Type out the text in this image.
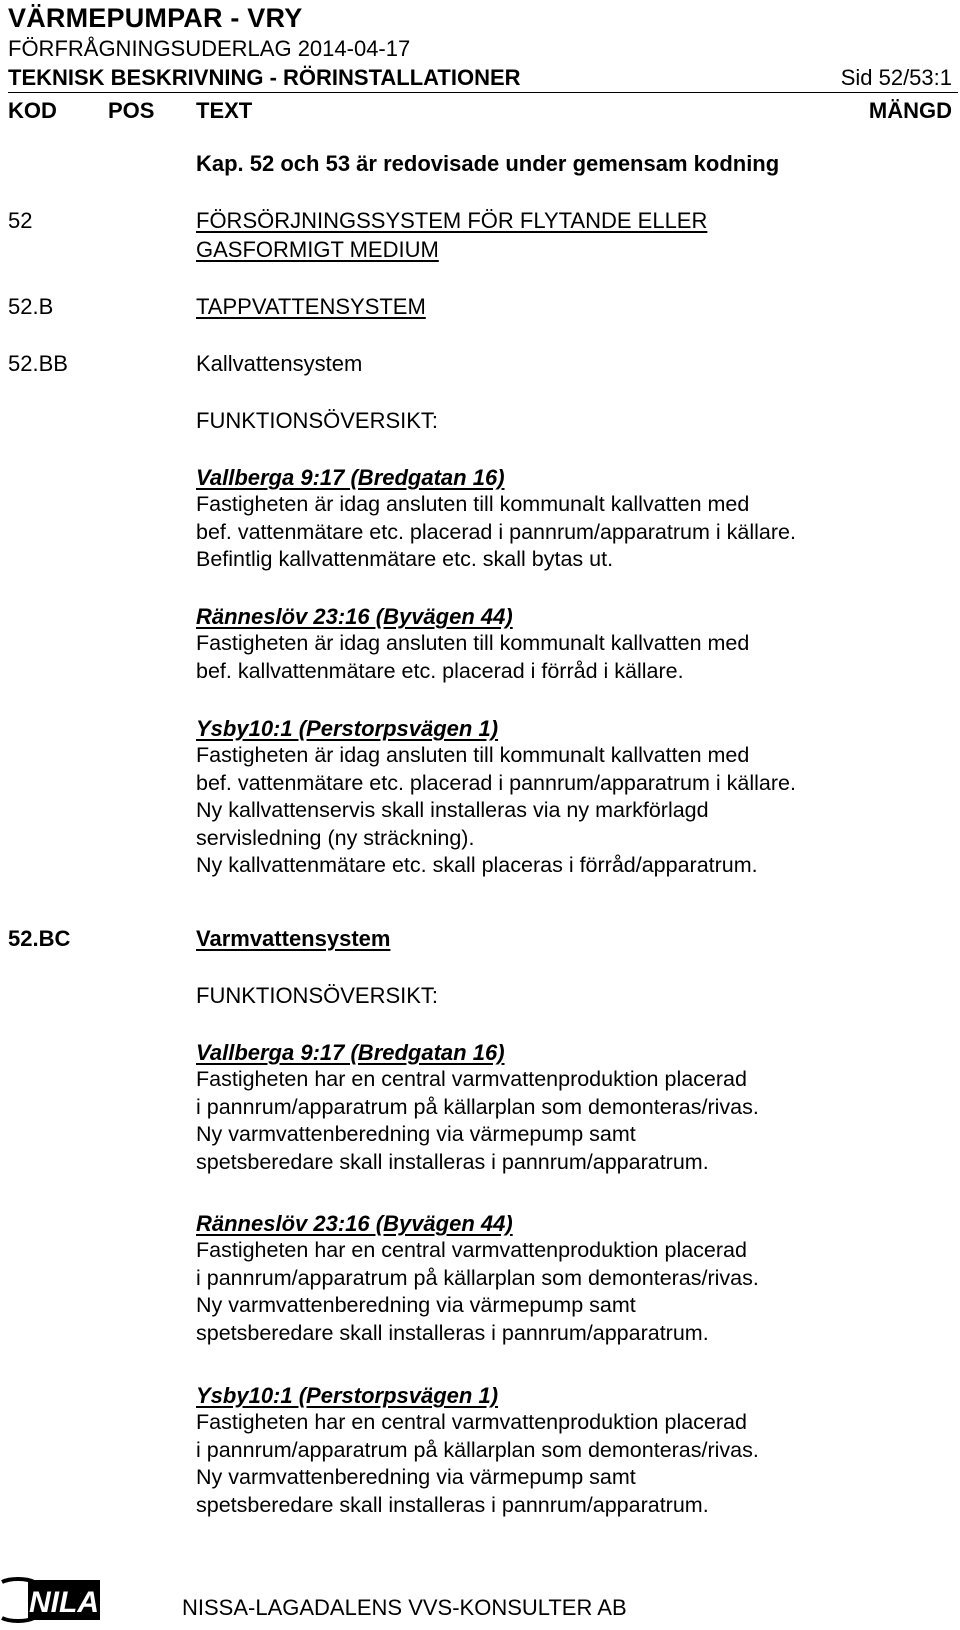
VÄRMEPUMPAR - VRY
FÖRFRÅGNINGSUDERLAG 2014-04-17
TEKNISK BESKRIVNING - RÖRINSTALLATIONER	Sid 52/53:1
KOD POS TEXT	MÄNGD
Kap. 52 och 53 är redovisade under gemensam kodning
52	FÖRSÖRJNINGSSYSTEM FÖR FLYTANDE ELLER
GASFORMIGT MEDIUM
52.B	TAPPVATTENSYSTEM
52.BB	Kallvattensystem
FUNKTIONSÖVERSIKT:
Vallberga 9:17 (Bredgatan 16)
Fastigheten är idag ansluten till kommunalt kallvatten med
bef. vattenmätare etc. placerad i pannrum/apparatrum i källare.
Befintlig kallvattenmätare etc. skall bytas ut.
Ränneslöv 23:16 (Byvägen 44)
Fastigheten är idag ansluten till kommunalt kallvatten med
bef. kallvattenmätare etc. placerad i förråd i källare.
Ysby10:1 (Perstorpsvägen 1)
Fastigheten är idag ansluten till kommunalt kallvatten med
bef. vattenmätare etc. placerad i pannrum/apparatrum i källare.
Ny kallvattenservis skall installeras via ny markförlagd
servisledning (ny sträckning).
Ny kallvattenmätare etc. skall placeras i förråd/apparatrum.
52.BC	Varmvattensystem
FUNKTIONSÖVERSIKT:
Vallberga 9:17 (Bredgatan 16)
Fastigheten har en central varmvattenproduktion placerad
i pannrum/apparatrum på källarplan som demonteras/rivas.
Ny varmvattenberedning via värmepump samt
spetsberedare skall installeras i pannrum/apparatrum.
Ränneslöv 23:16 (Byvägen 44)
Fastigheten har en central varmvattenproduktion placerad
i pannrum/apparatrum på källarplan som demonteras/rivas.
Ny varmvattenberedning via värmepump samt
spetsberedare skall installeras i pannrum/apparatrum.
Ysby10:1 (Perstorpsvägen 1)
Fastigheten har en central varmvattenproduktion placerad
i pannrum/apparatrum på källarplan som demonteras/rivas.
Ny varmvattenberedning via värmepump samt
spetsberedare skall installeras i pannrum/apparatrum.
NILA	NISSA-LAGADALENS VVS-KONSULTER AB
